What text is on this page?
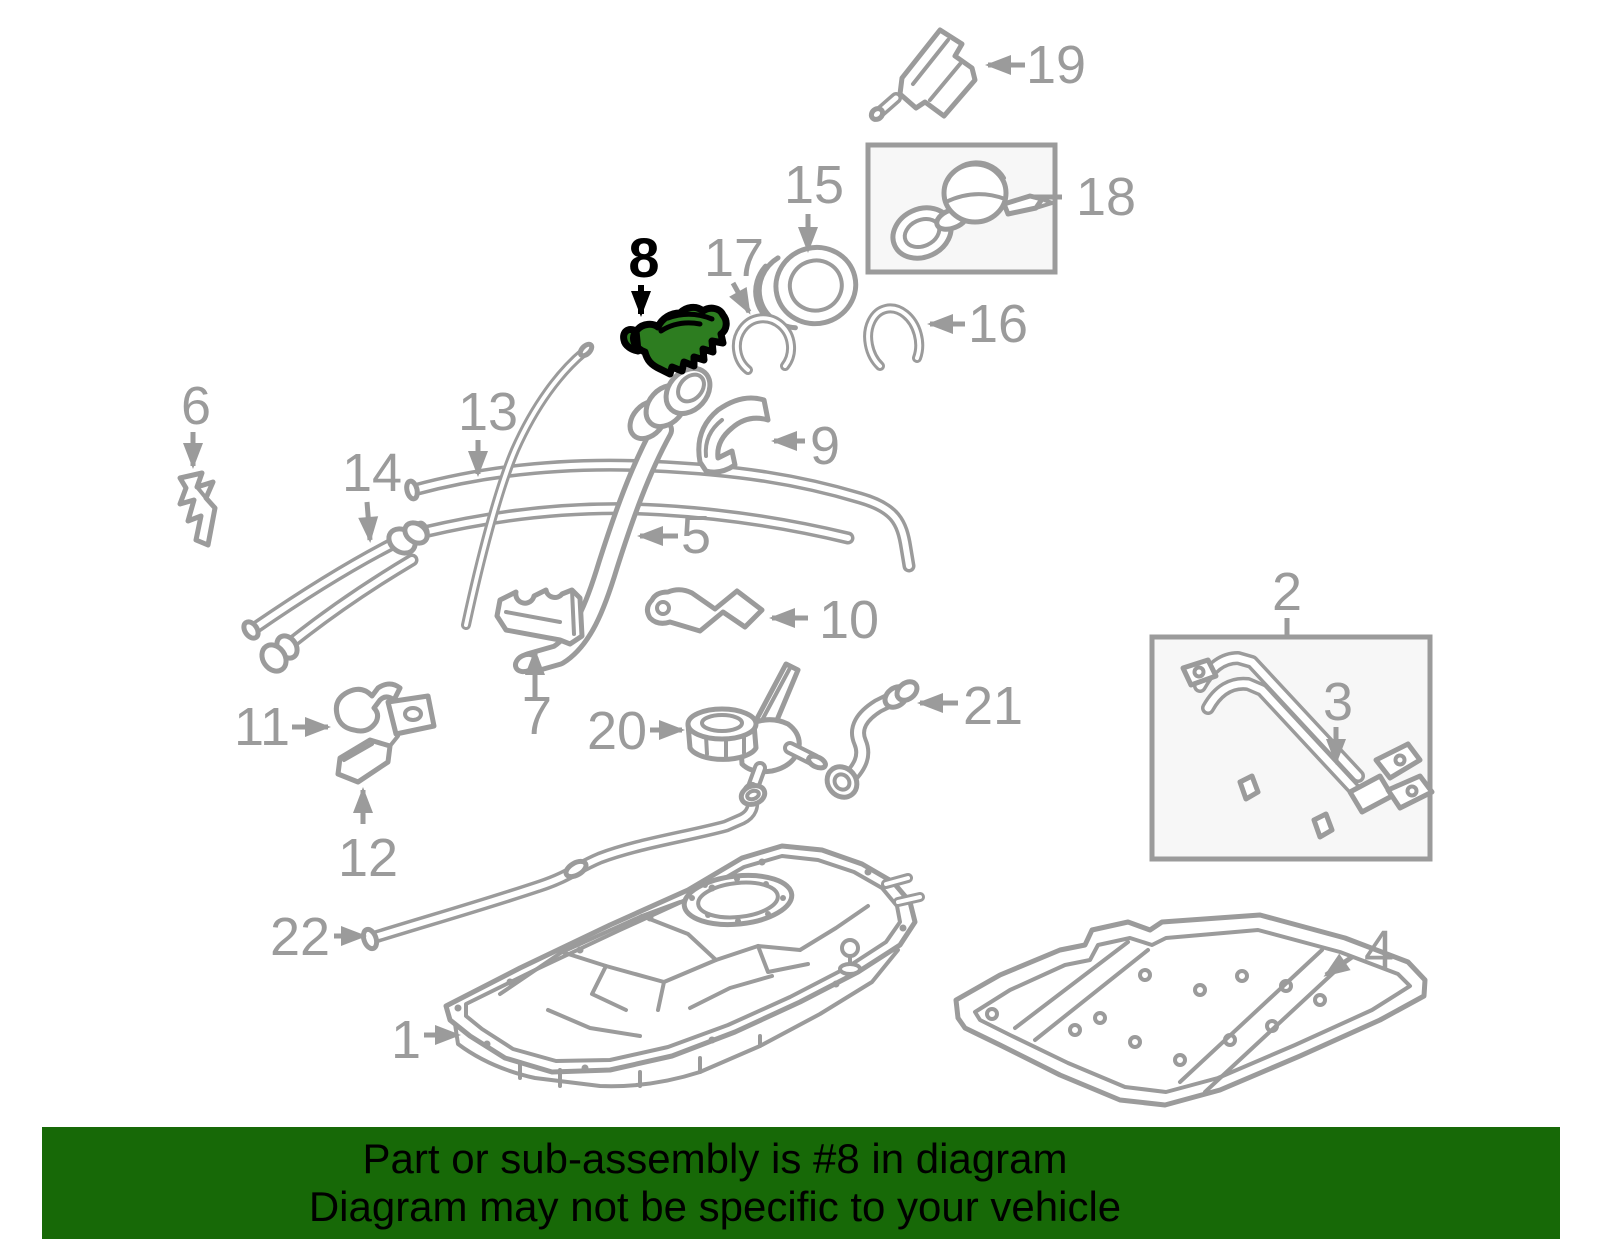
19
18
15
17
8
16
9
6	13
14
5
2
10
3
7
11	20	21
12
22
1
4
Part or sub-assembly is #8 in diagram
Diagram may not be specific to your vehicle
